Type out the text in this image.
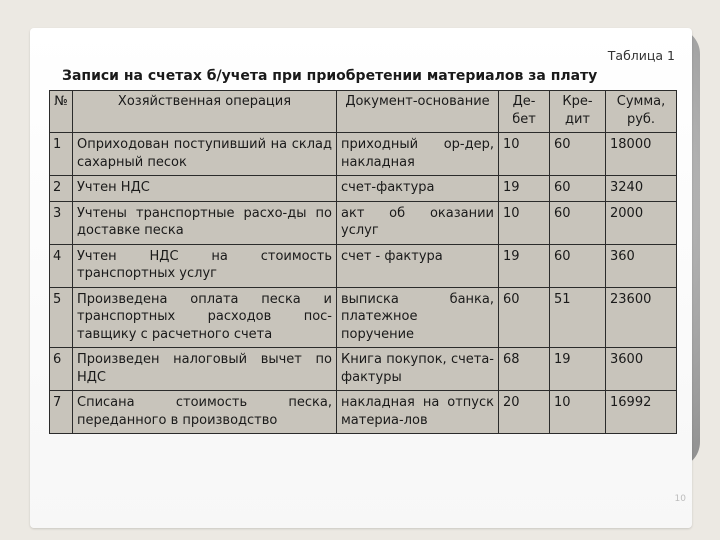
Таблица 1
Записи на счетах б/учета при приобретении материалов за плату
№	Хозяйственная операция	Документ-основание	Де-бет	Кре-дит	Сумма, руб.
1	Оприходован поступивший на склад сахарный песок	приходный ор-дер, накладная	10	60	18000
2	Учтен НДС	счет-фактура	19	60	3240
3	Учтены транспортные расхо-ды по доставке песка	акт об оказании услуг	10	60	2000
4	Учтен НДС на стоимость транспортных услуг	счет - фактура	19	60	360
5	Произведена оплата песка и транспортных расходов пос-тавщику с расчетного счета	выписка банка, платежное поручение	60	51	23600
6	Произведен налоговый вычет по НДС	Книга покупок, счета-фактуры	68	19	3600
7	Списана стоимость песка, переданного в производство	накладная на отпуск материа-лов	20	10	16992
10
